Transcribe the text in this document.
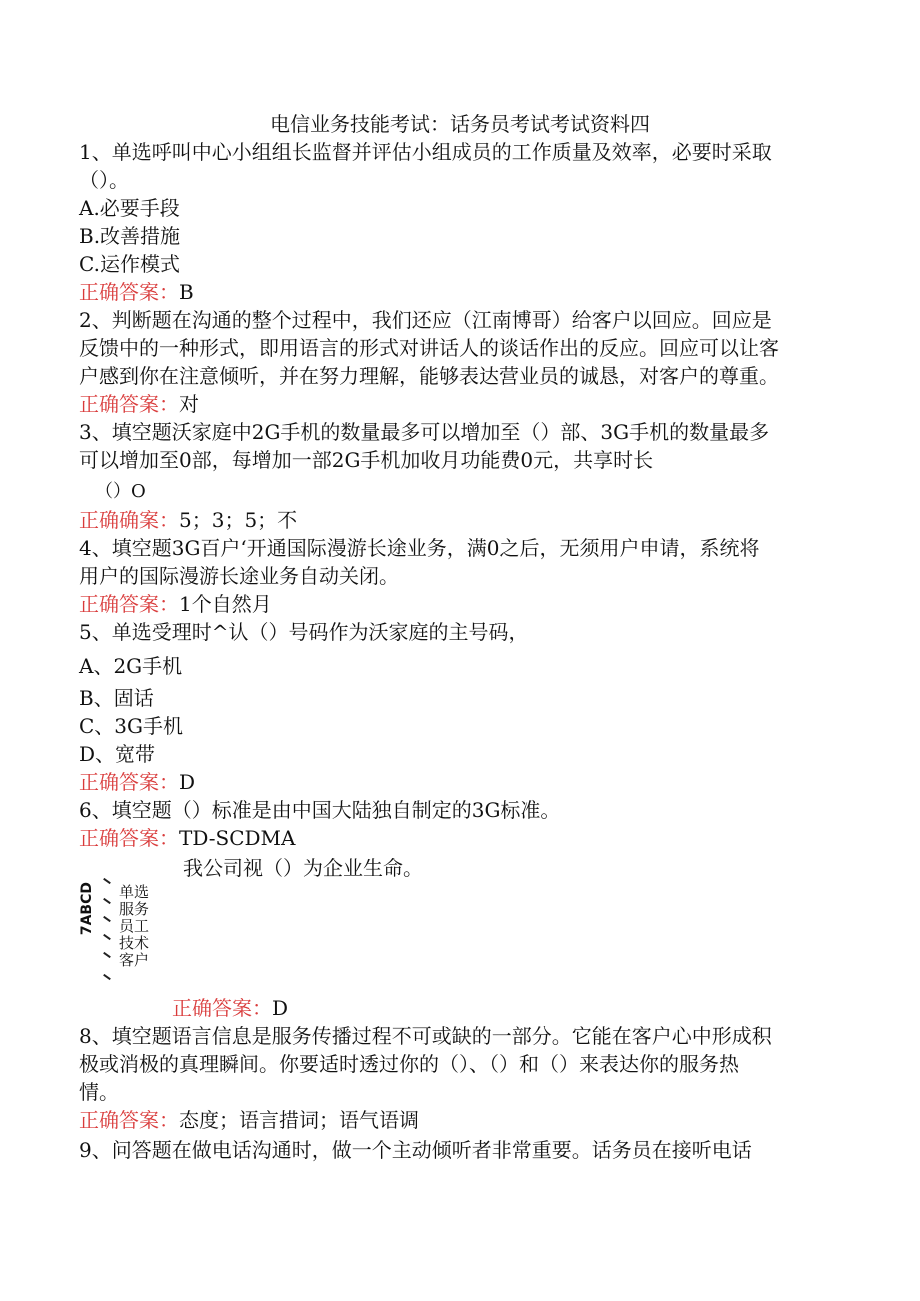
电信业务技能考试：话务员考试考试资料四
1、单选呼叫中心小组组长监督并评估小组成员的工作质量及效率，必要时采取
（）。
A.必要手段
B.改善措施
C.运作模式
正确答案：B
2、判断题在沟通的整个过程中，我们还应（江南博哥）给客户以回应。回应是
反馈中的一种形式，即用语言的形式对讲话人的谈话作出的反应。回应可以让客
户感到你在注意倾听，并在努力理解，能够表达营业员的诚恳，对客户的尊重。
正确答案：对
3、填空题沃家庭中2G手机的数量最多可以增加至（）部、3G手机的数量最多
可以增加至0部，每增加一部2G手机加收月功能费0元，共享时长
（）O
正确确案：5；3；5；不
4、填空题3G百户‘开通国际漫游长途业务，满0之后，无须用户申请，系统将
用户的国际漫游长途业务自动关闭。
正确答案：1个自然月
5、单选受理时^认（）号码作为沃家庭的主号码，
A、2G手机
B、固话
C、3G手机
D、宽带
正确答案：D
6、填空题（）标准是由中国大陆独自制定的3G标准。
正确答案：TD-SCDMA
我公司视（）为企业生命。
7ABCD 单选
服务
员工
技术
客户
正确答案：D
8、填空题语言信息是服务传播过程不可或缺的一部分。它能在客户心中形成积
极或消极的真理瞬间。你要适时透过你的（）、（）和（）来表达你的服务热
情。
正确答案：态度；语言措词；语气语调
9、问答题在做电话沟通时，做一个主动倾听者非常重要。话务员在接听电话
